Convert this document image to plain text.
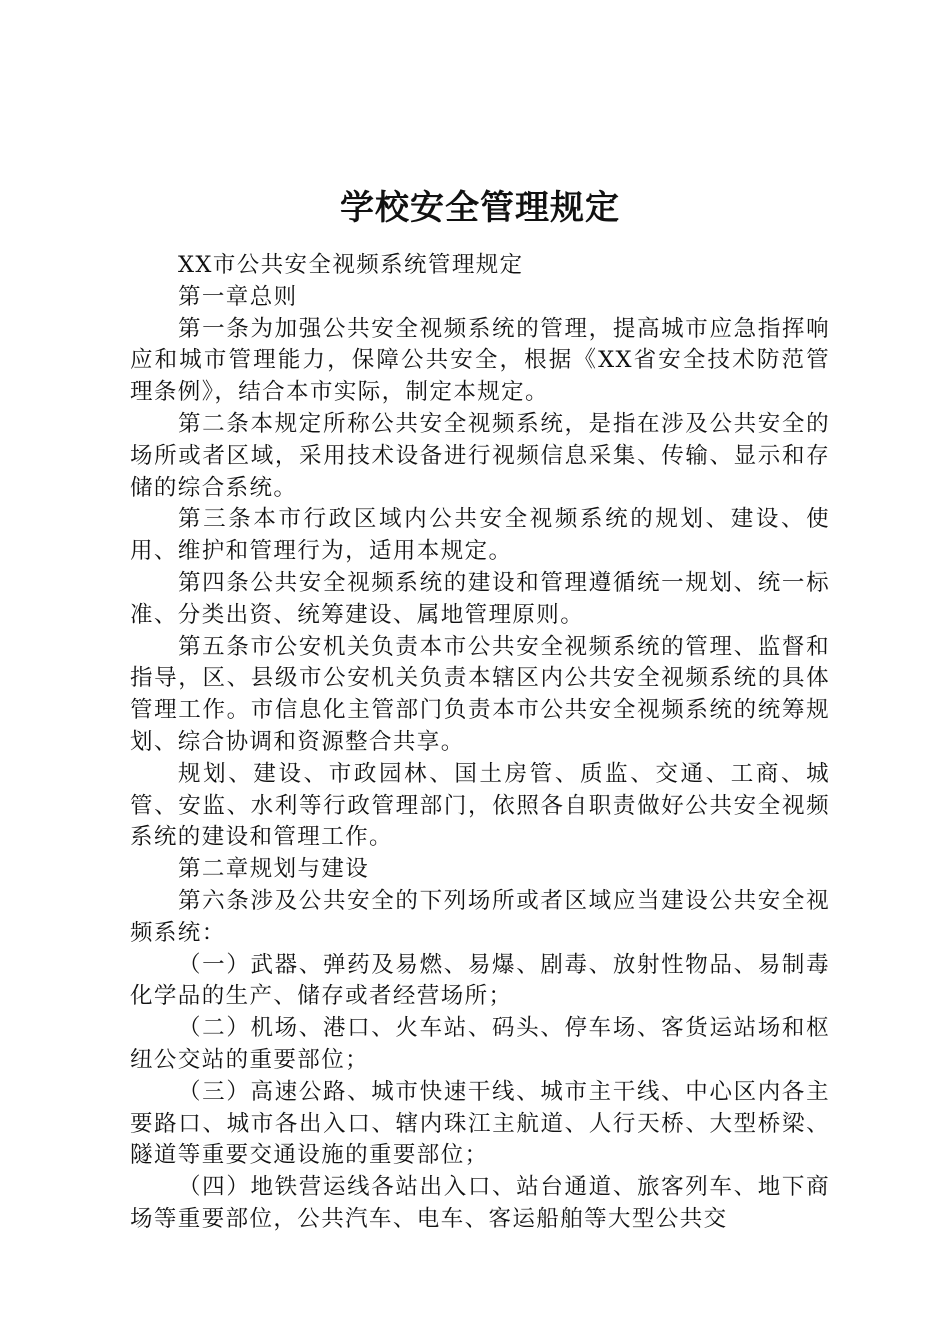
学校安全管理规定

XX市公共安全视频系统管理规定

第一章总则

第一条为加强公共安全视频系统的管理，提高城市应急指挥响应和城市管理能力，保障公共安全，根据《XX省安全技术防范管理条例》，结合本市实际，制定本规定。

第二条本规定所称公共安全视频系统，是指在涉及公共安全的场所或者区域，采用技术设备进行视频信息采集、传输、显示和存储的综合系统。

第三条本市行政区域内公共安全视频系统的规划、建设、使用、维护和管理行为，适用本规定。

第四条公共安全视频系统的建设和管理遵循统一规划、统一标准、分类出资、统筹建设、属地管理原则。

第五条市公安机关负责本市公共安全视频系统的管理、监督和指导，区、县级市公安机关负责本辖区内公共安全视频系统的具体管理工作。市信息化主管部门负责本市公共安全视频系统的统筹规划、综合协调和资源整合共享。

规划、建设、市政园林、国土房管、质监、交通、工商、城管、安监、水利等行政管理部门，依照各自职责做好公共安全视频系统的建设和管理工作。

第二章规划与建设

第六条涉及公共安全的下列场所或者区域应当建设公共安全视频系统：

（一）武器、弹药及易燃、易爆、剧毒、放射性物品、易制毒化学品的生产、储存或者经营场所；

（二）机场、港口、火车站、码头、停车场、客货运站场和枢纽公交站的重要部位；

（三）高速公路、城市快速干线、城市主干线、中心区内各主要路口、城市各出入口、辖内珠江主航道、人行天桥、大型桥梁、隧道等重要交通设施的重要部位；

（四）地铁营运线各站出入口、站台通道、旅客列车、地下商场等重要部位，公共汽车、电车、客运船舶等大型公共交
